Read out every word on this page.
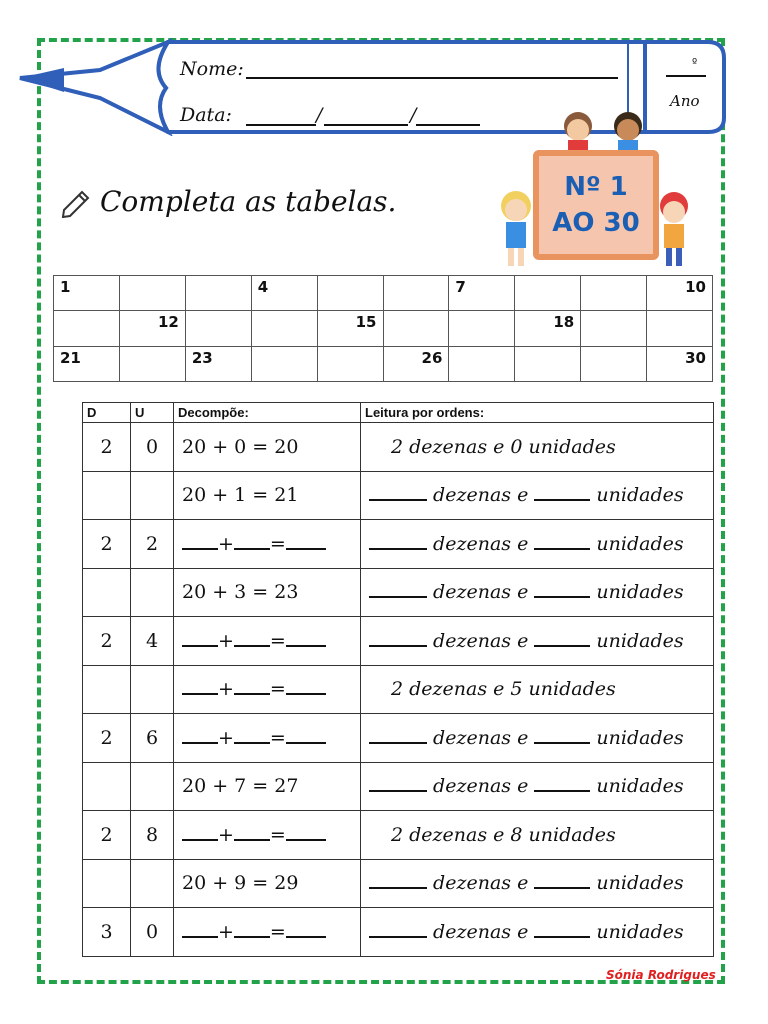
Nome:
Data:	/	/
º
Ano
Nº 1
AO 30
Completa as tabelas.
1			4			7			10
	12			15			18		
21		23			26				30
D	U	Decompõe:	Leitura por ordens:
2	0	20 + 0 = 20	2 dezenas e 0 unidades
		20 + 1 = 21	dezenas e unidades
2	2	+ =	dezenas e unidades
		20 + 3 = 23	dezenas e unidades
2	4	+ =	dezenas e unidades
		+ =	2 dezenas e 5 unidades
2	6	+ =	dezenas e unidades
		20 + 7 = 27	dezenas e unidades
2	8	+ =	2 dezenas e 8 unidades
		20 + 9 = 29	dezenas e unidades
3	0	+ =	dezenas e unidades
Sónia Rodrigues
